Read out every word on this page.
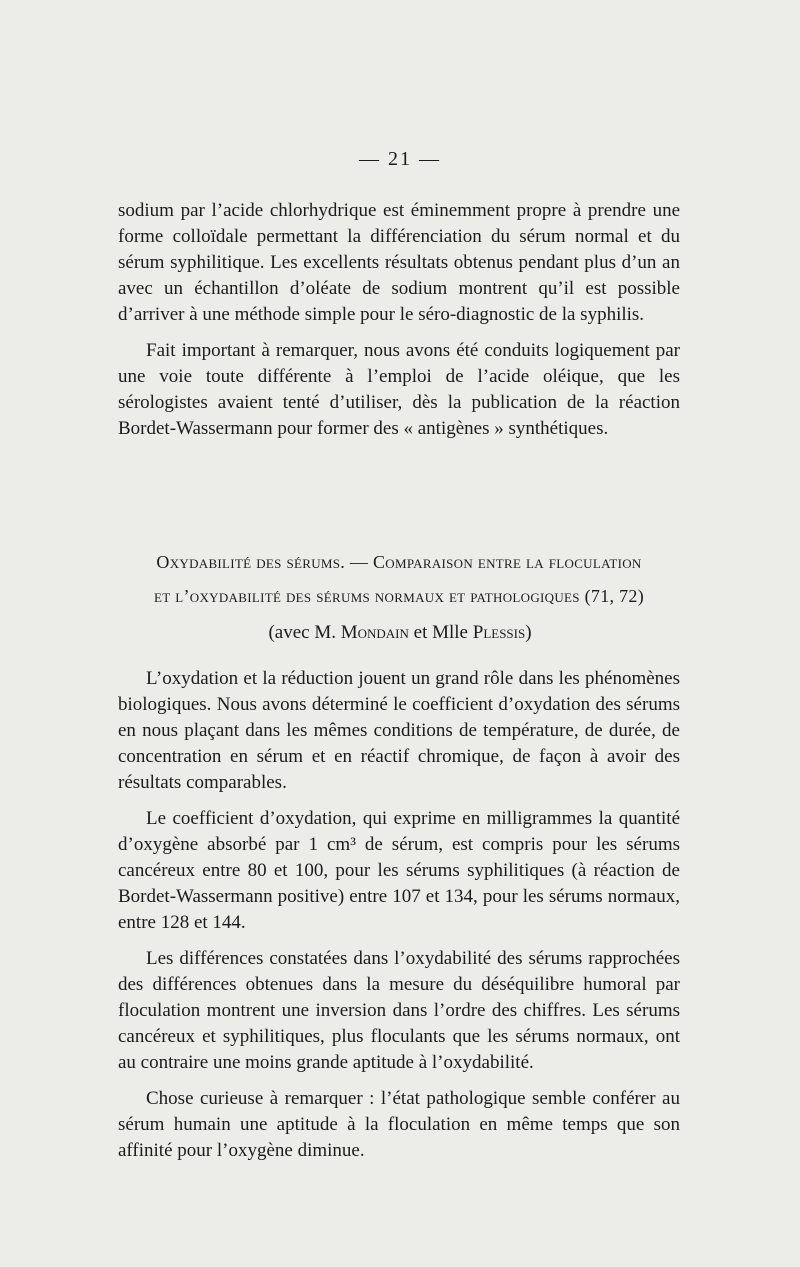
— 21 —

sodium par l’acide chlorhydrique est éminemment propre à prendre une forme colloïdale permettant la différenciation du sérum normal et du sérum syphilitique. Les excellents résultats obtenus pendant plus d’un an avec un échantillon d’oléate de sodium montrent qu’il est possible d’arriver à une méthode simple pour le séro-diagnostic de la syphilis.

Fait important à remarquer, nous avons été conduits logiquement par une voie toute différente à l’emploi de l’acide oléique, que les sérologistes avaient tenté d’utiliser, dès la publication de la réaction Bordet-Wassermann pour former des « antigènes » synthétiques.

Oxydabilité des sérums. — Comparaison entre la floculation
et l’oxydabilité des sérums normaux et pathologiques (71, 72)
(avec M. Mondain et Mlle Plessis)

L’oxydation et la réduction jouent un grand rôle dans les phénomènes biologiques. Nous avons déterminé le coefficient d’oxydation des sérums en nous plaçant dans les mêmes conditions de température, de durée, de concentration en sérum et en réactif chromique, de façon à avoir des résultats comparables.

Le coefficient d’oxydation, qui exprime en milligrammes la quantité d’oxygène absorbé par 1 cm³ de sérum, est compris pour les sérums cancéreux entre 80 et 100, pour les sérums syphilitiques (à réaction de Bordet-Wassermann positive) entre 107 et 134, pour les sérums normaux, entre 128 et 144.

Les différences constatées dans l’oxydabilité des sérums rapprochées des différences obtenues dans la mesure du déséquilibre humoral par floculation montrent une inversion dans l’ordre des chiffres. Les sérums cancéreux et syphilitiques, plus floculants que les sérums normaux, ont au contraire une moins grande aptitude à l’oxydabilité.

Chose curieuse à remarquer : l’état pathologique semble conférer au sérum humain une aptitude à la floculation en même temps que son affinité pour l’oxygène diminue.
